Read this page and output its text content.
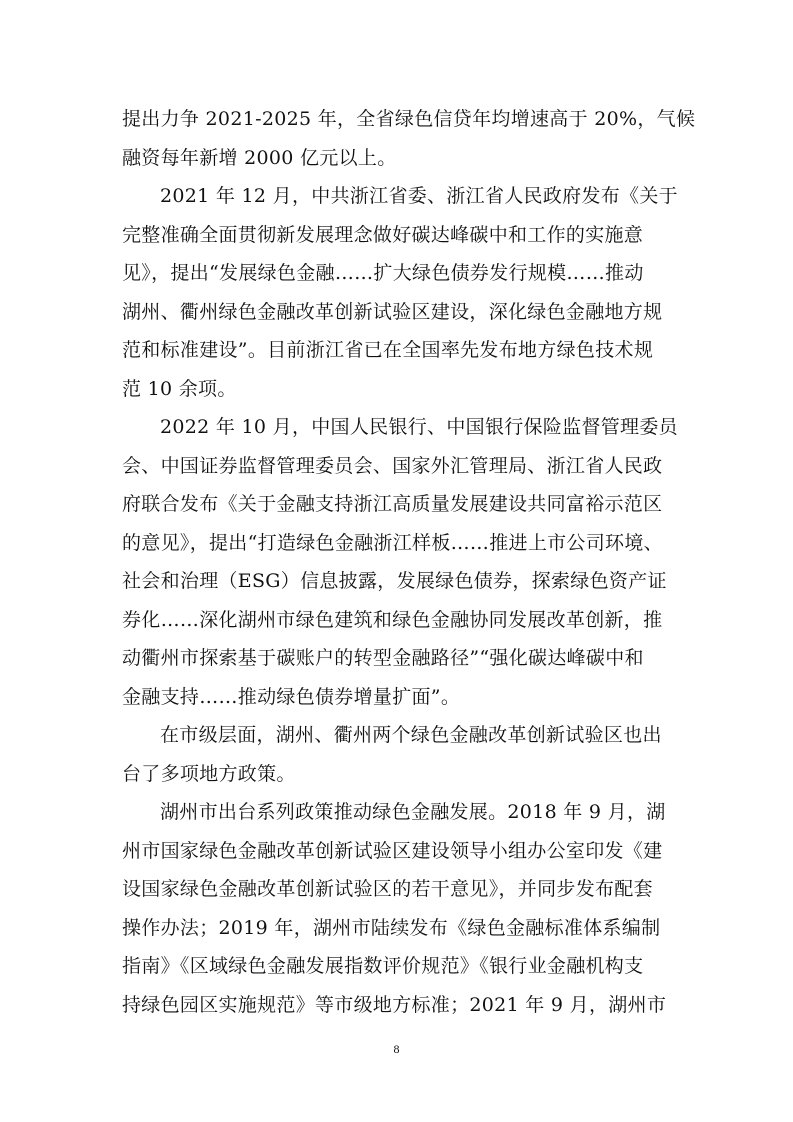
提出力争 2021-2025 年，全省绿色信贷年均增速高于 20%，气候
融资每年新增 2000 亿元以上。

2021 年 12 月，中共浙江省委、浙江省人民政府发布《关于
完整准确全面贯彻新发展理念做好碳达峰碳中和工作的实施意
见》，提出“发展绿色金融……扩大绿色债券发行规模……推动
湖州、衢州绿色金融改革创新试验区建设，深化绿色金融地方规
范和标准建设”。目前浙江省已在全国率先发布地方绿色技术规
范 10 余项。

2022 年 10 月，中国人民银行、中国银行保险监督管理委员
会、中国证券监督管理委员会、国家外汇管理局、浙江省人民政
府联合发布《关于金融支持浙江高质量发展建设共同富裕示范区
的意见》，提出“打造绿色金融浙江样板……推进上市公司环境、
社会和治理（ESG）信息披露，发展绿色债券，探索绿色资产证
券化……深化湖州市绿色建筑和绿色金融协同发展改革创新，推
动衢州市探索基于碳账户的转型金融路径”“强化碳达峰碳中和
金融支持……推动绿色债券增量扩面”。

在市级层面，湖州、衢州两个绿色金融改革创新试验区也出
台了多项地方政策。

湖州市出台系列政策推动绿色金融发展。2018 年 9 月，湖
州市国家绿色金融改革创新试验区建设领导小组办公室印发《建
设国家绿色金融改革创新试验区的若干意见》，并同步发布配套
操作办法；2019 年，湖州市陆续发布《绿色金融标准体系编制
指南》《区域绿色金融发展指数评价规范》《银行业金融机构支
持绿色园区实施规范》等市级地方标准；2021 年 9 月，湖州市

8
